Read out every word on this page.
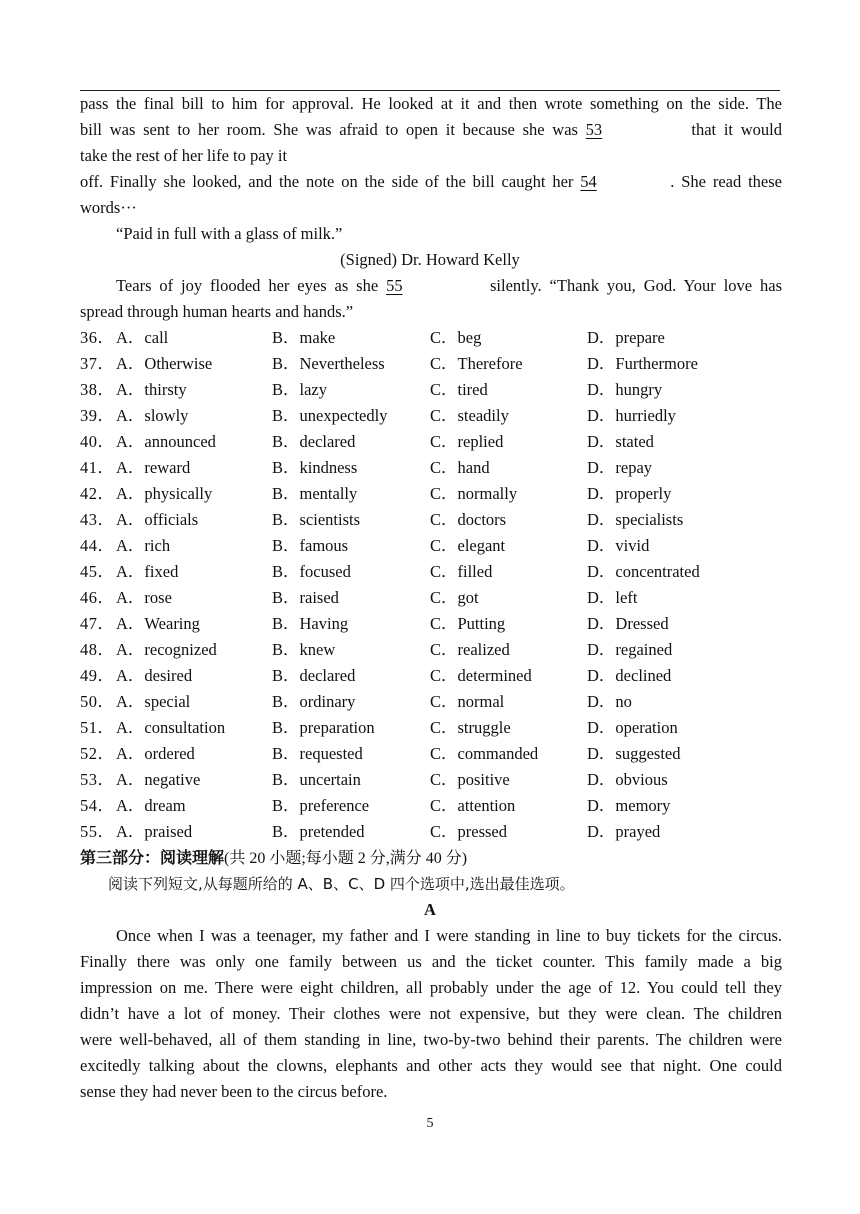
pass the final bill to him for approval. He looked at it and then wrote something on the side. The
bill was sent to her room. She was afraid to open it because she was 53	that it would
take the rest of her life to pay it
off. Finally she looked, and the note on the side of the bill caught her 54	. She read these
words···
“Paid in full with a glass of milk.”
(Signed) Dr. Howard Kelly
Tears of joy flooded her eyes as she 55	silently. “Thank you, God. Your love has
spread through human hearts and hands.”
36． A．call	B．make	C．beg	D．prepare
37． A．Otherwise	B．Nevertheless	C．Therefore	D．Furthermore
38． A．thirsty	B．lazy	C．tired	D．hungry
39． A．slowly	B．unexpectedly	C．steadily	D．hurriedly
40． A．announced	B．declared	C．replied	D．stated
41． A．reward	B．kindness	C．hand	D．repay
42． A．physically	B．mentally	C．normally	D．properly
43． A．officials	B．scientists	C．doctors	D．specialists
44． A．rich	B．famous	C．elegant	D．vivid
45． A．fixed	B．focused	C．filled	D．concentrated
46． A．rose	B．raised	C．got	D．left
47． A．Wearing	B．Having	C．Putting	D．Dressed
48． A．recognized	B．knew	C．realized	D．regained
49． A．desired	B．declared	C．determined	D．declined
50． A．special	B．ordinary	C．normal	D．no
51． A．consultation	B．preparation	C．struggle	D．operation
52． A．ordered	B．requested	C．commanded	D．suggested
53． A．negative	B．uncertain	C．positive	D．obvious
54． A．dream	B．preference	C．attention	D．memory
55． A．praised	B．pretended	C．pressed	D．prayed
第三部分：阅读理解(共 20 小题;每小题 2 分,满分 40 分)
阅读下列短文,从每题所给的 A、B、C、D 四个选项中,选出最佳选项。
A
Once when I was a teenager, my father and I were standing in line to buy tickets for the circus.
Finally there was only one family between us and the ticket counter. This family made a big
impression on me. There were eight children, all probably under the age of 12. You could tell they
didn’t have a lot of money. Their clothes were not expensive, but they were clean. The children
were well-behaved, all of them standing in line, two-by-two behind their parents. The children were
excitedly talking about the clowns, elephants and other acts they would see that night. One could
sense they had never been to the circus before.
5
